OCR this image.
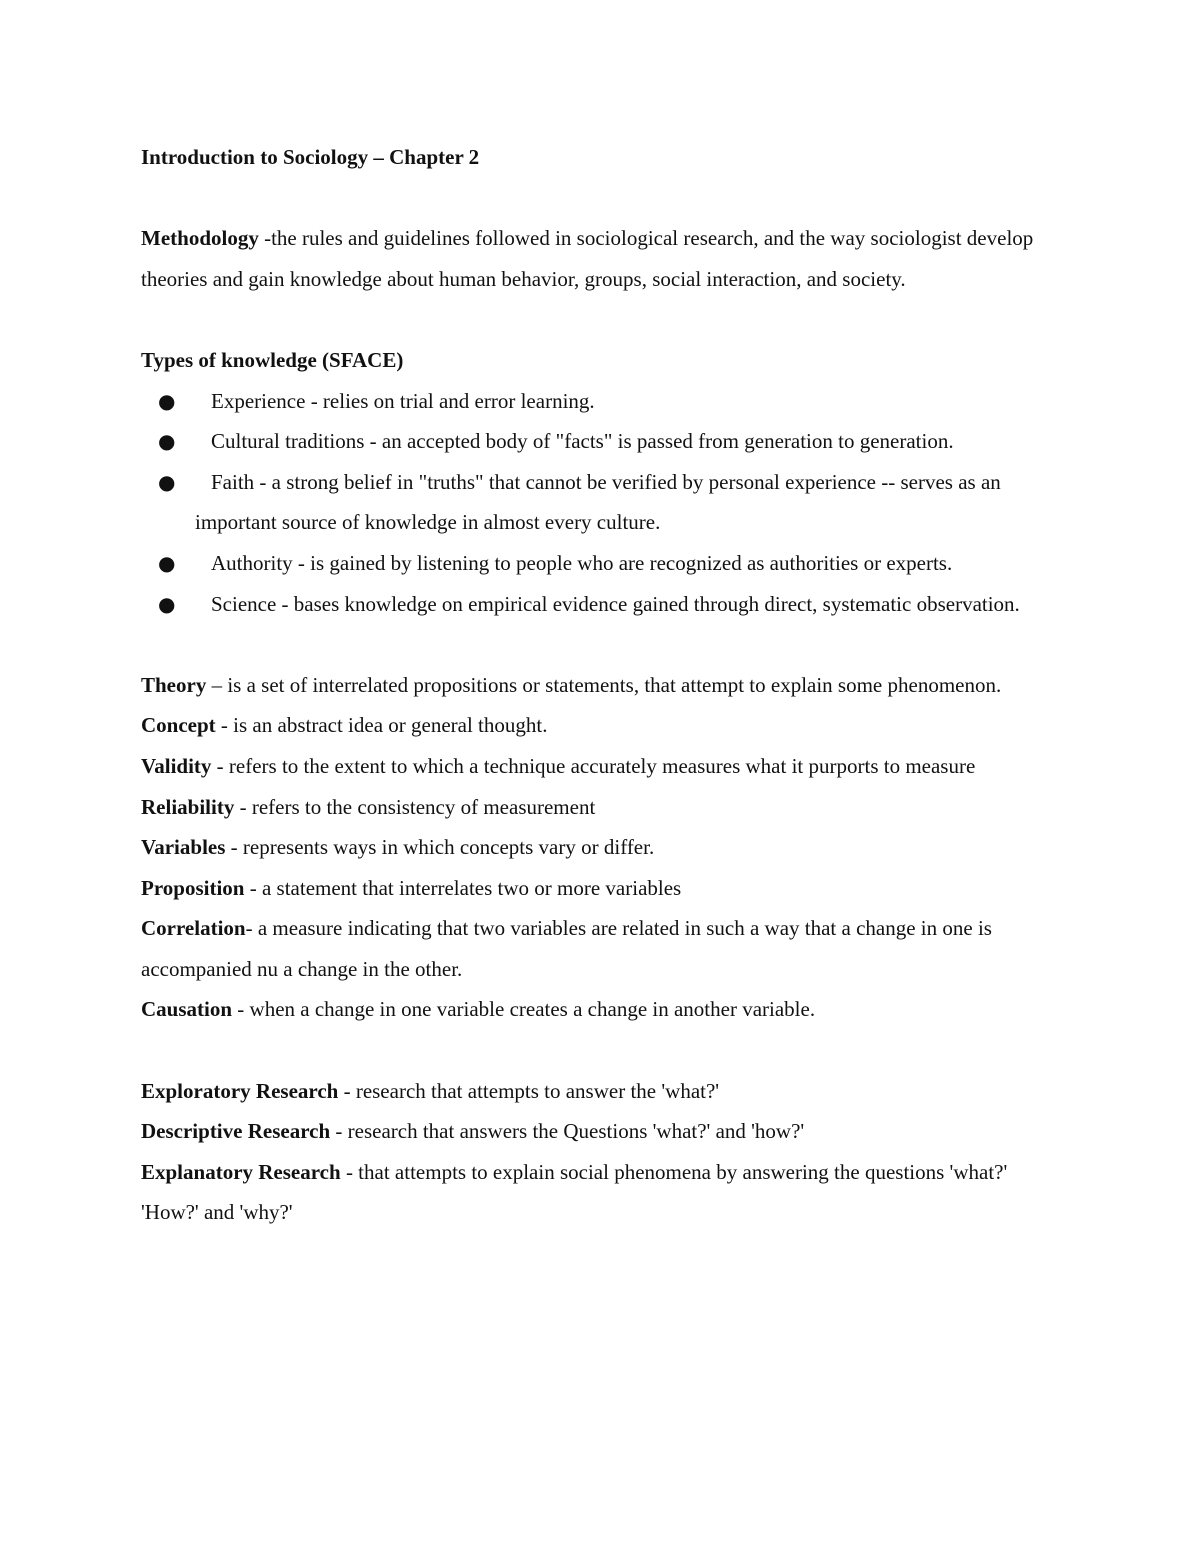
Introduction to Sociology – Chapter 2

Methodology -the rules and guidelines followed in sociological research, and the way sociologist develop theories and gain knowledge about human behavior, groups, social interaction, and society.

Types of knowledge (SFACE)

● Experience - relies on trial and error learning.
● Cultural traditions - an accepted body of "facts" is passed from generation to generation.
● Faith - a strong belief in "truths" that cannot be verified by personal experience -- serves as an important source of knowledge in almost every culture.
● Authority - is gained by listening to people who are recognized as authorities or experts.
● Science - bases knowledge on empirical evidence gained through direct, systematic observation.

Theory – is a set of interrelated propositions or statements, that attempt to explain some phenomenon.

Concept - is an abstract idea or general thought.

Validity - refers to the extent to which a technique accurately measures what it purports to measure

Reliability - refers to the consistency of measurement

Variables - represents ways in which concepts vary or differ.

Proposition - a statement that interrelates two or more variables

Correlation- a measure indicating that two variables are related in such a way that a change in one is accompanied nu a change in the other.

Causation - when a change in one variable creates a change in another variable.

Exploratory Research - research that attempts to answer the 'what?'

Descriptive Research - research that answers the Questions 'what?' and 'how?'

Explanatory Research - that attempts to explain social phenomena by answering the questions 'what?' 'How?' and 'why?'
